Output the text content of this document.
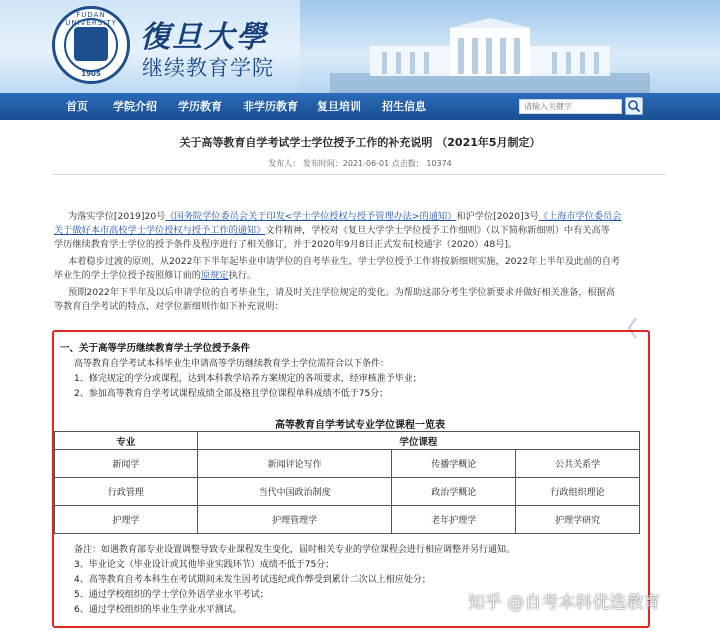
FUDAN UNIVERSITY
1905
復旦大學
继续教育学院
首页 学院介绍 学历教育 非学历教育 复旦培训 招生信息
请输入关键字
关于高等教育自学考试学士学位授予工作的补充说明 （2021年5月制定）
发布人： 发布时间：2021-06-01 点击数： 10374
为落实学位[2019]20号《国务院学位委员会关于印发<学士学位授权与授予管理办法>的通知》和沪学位[2020]3号《上海市学位委员会
关于做好本市高校学士学位授权与授予工作的通知》文件精神，学校对《复旦大学学士学位授予工作细则》（以下简称新细则）中有关高等
学历继续教育学士学位的授予条件及程序进行了相关修订，并于2020年9月8日正式发布[校通字（2020）48号]。
本着稳步过渡的原则，从2022年下半年起毕业申请学位的自考毕业生，学士学位授予工作将按新细则实施，2022年上半年及此前的自考
毕业生的学士学位授予按照修订前的原规定执行。
预期2022年下半年及以后申请学位的自考毕业生，请及时关注学位规定的变化。为帮助这部分考生学位新要求并做好相关准备，根据高
等教育自学考试的特点，对学位新细则作如下补充说明：
一、关于高等学历继续教育学士学位授予条件
高等教育自学考试本科毕业生申请高等学历继续教育学士学位需符合以下条件：
1、修完规定的学分或课程，达到本科教学培养方案规定的各项要求，经审核准予毕业；
2、参加高等教育自学考试课程成绩全部及格且学位课程单科成绩不低于75分；
高等教育自学考试专业学位课程一览表
专业	学位课程		
新闻学	新闻评论写作	传播学概论	公共关系学
行政管理	当代中国政治制度	政治学概论	行政组织理论
护理学	护理管理学	老年护理学	护理学研究
备注：如遇教育部专业设置调整导致专业课程发生变化，届时相关专业的学位课程会进行相应调整并另行通知。
3、毕业论文（毕业设计或其他毕业实践环节）成绩不低于75分；
4、高等教育自考本科生在考试期间未发生因考试违纪或作弊受到累计二次以上相应处分；
5、通过学校组织的学士学位外语学业水平考试；
6、通过学校组织的毕业生学业水平测试。	知乎 @自考本科优选教育
